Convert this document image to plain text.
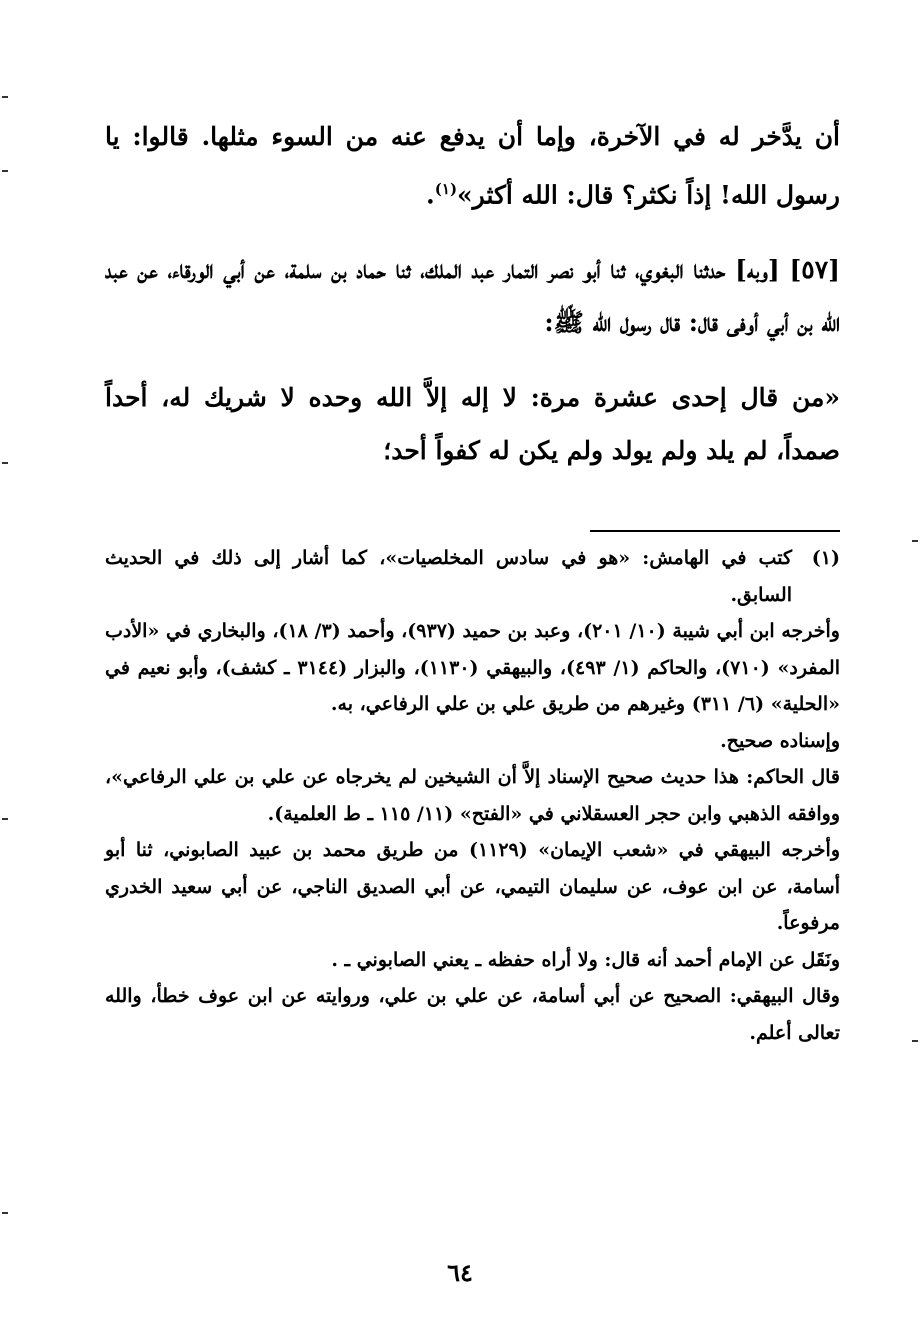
أن يدَّخر له في الآخرة، وإما أن يدفع عنه من السوء مثلها. قالوا: يا رسول الله! إذاً نكثر؟ قال: الله أكثر»$^{(١)}$.

[٥٧] [وبه] حدثنا البغوي، ثنا أبو نصر التمار عبد الملك، ثنا حماد بن سلمة، عن أبي الورقاء، عن عبد الله بن أبي أوفى قال: قال رسول الله ﷺ:

«من قال إحدى عشرة مرة: لا إله إلاَّ الله وحده لا شريك له، أحداً صمداً، لم يلد ولم يولد ولم يكن له كفواً أحد؛

(١)
كتب في الهامش: «هو في سادس المخلصيات»، كما أشار إلى ذلك في الحديث السابق.

وأخرجه ابن أبي شيبة (١٠/ ٢٠١)، وعبد بن حميد (٩٣٧)، وأحمد (٣/ ١٨)، والبخاري في «الأدب المفرد» (٧١٠)، والحاكم (١/ ٤٩٣)، والبيهقي (١١٣٠)، والبزار (٣١٤٤ ـ كشف)، وأبو نعيم في «الحلية» (٦/ ٣١١) وغيرهم من طريق علي بن علي الرفاعي، به.

وإسناده صحيح.

قال الحاكم: هذا حديث صحيح الإسناد إلاَّ أن الشيخين لم يخرجاه عن علي بن علي الرفاعي»، ووافقه الذهبي وابن حجر العسقلاني في «الفتح» (١١/ ١١٥ ـ ط العلمية).

وأخرجه البيهقي في «شعب الإيمان» (١١٢٩) من طريق محمد بن عبيد الصابوني، ثنا أبو أسامة، عن ابن عوف، عن سليمان التيمي، عن أبي الصديق الناجي، عن أبي سعيد الخدري مرفوعاً.

ونَقَل عن الإمام أحمد أنه قال: ولا أراه حفظه ـ يعني الصابوني ـ .

وقال البيهقي: الصحيح عن أبي أسامة، عن علي بن علي، وروايته عن ابن عوف خطأ، والله تعالى أعلم.

٦٤
